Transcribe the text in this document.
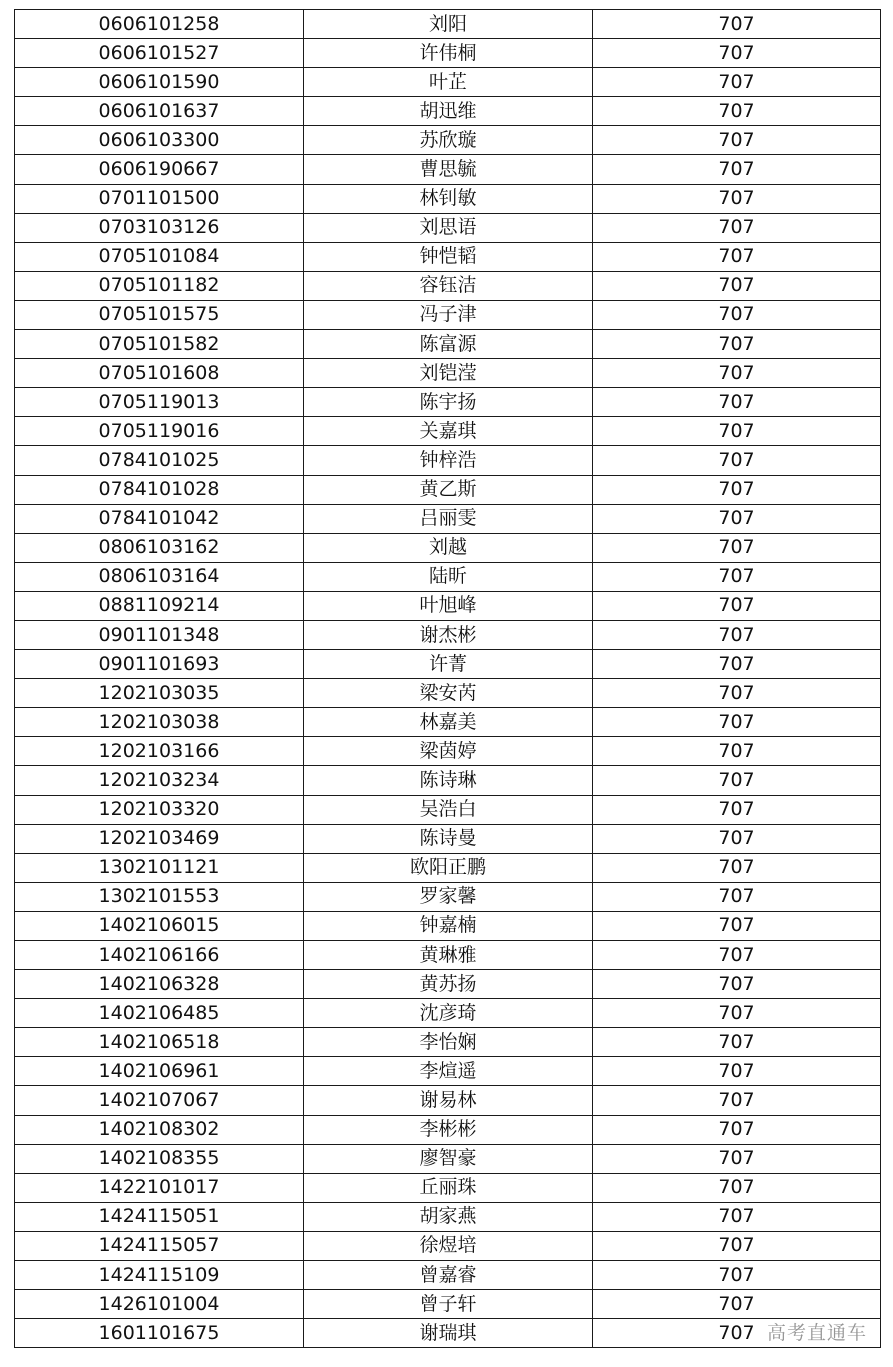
0606101258	刘阳	707
0606101527	许伟桐	707
0606101590	叶芷	707
0606101637	胡迅维	707
0606103300	苏欣璇	707
0606190667	曹思毓	707
0701101500	林钊敏	707
0703103126	刘思语	707
0705101084	钟恺韬	707
0705101182	容钰洁	707
0705101575	冯子津	707
0705101582	陈富源	707
0705101608	刘铠滢	707
0705119013	陈宇扬	707
0705119016	关嘉琪	707
0784101025	钟梓浩	707
0784101028	黄乙斯	707
0784101042	吕丽雯	707
0806103162	刘越	707
0806103164	陆昕	707
0881109214	叶旭峰	707
0901101348	谢杰彬	707
0901101693	许菁	707
1202103035	梁安芮	707
1202103038	林嘉美	707
1202103166	梁茵婷	707
1202103234	陈诗琳	707
1202103320	吴浩白	707
1202103469	陈诗曼	707
1302101121	欧阳正鹏	707
1302101553	罗家馨	707
1402106015	钟嘉楠	707
1402106166	黄琳雅	707
1402106328	黄苏扬	707
1402106485	沈彦琦	707
1402106518	李怡娴	707
1402106961	李煊遥	707
1402107067	谢易林	707
1402108302	李彬彬	707
1402108355	廖智豪	707
1422101017	丘丽珠	707
1424115051	胡家燕	707
1424115057	徐煜培	707
1424115109	曾嘉睿	707
1426101004	曾子轩	707
1601101675	谢瑞琪	707 高考直通车
